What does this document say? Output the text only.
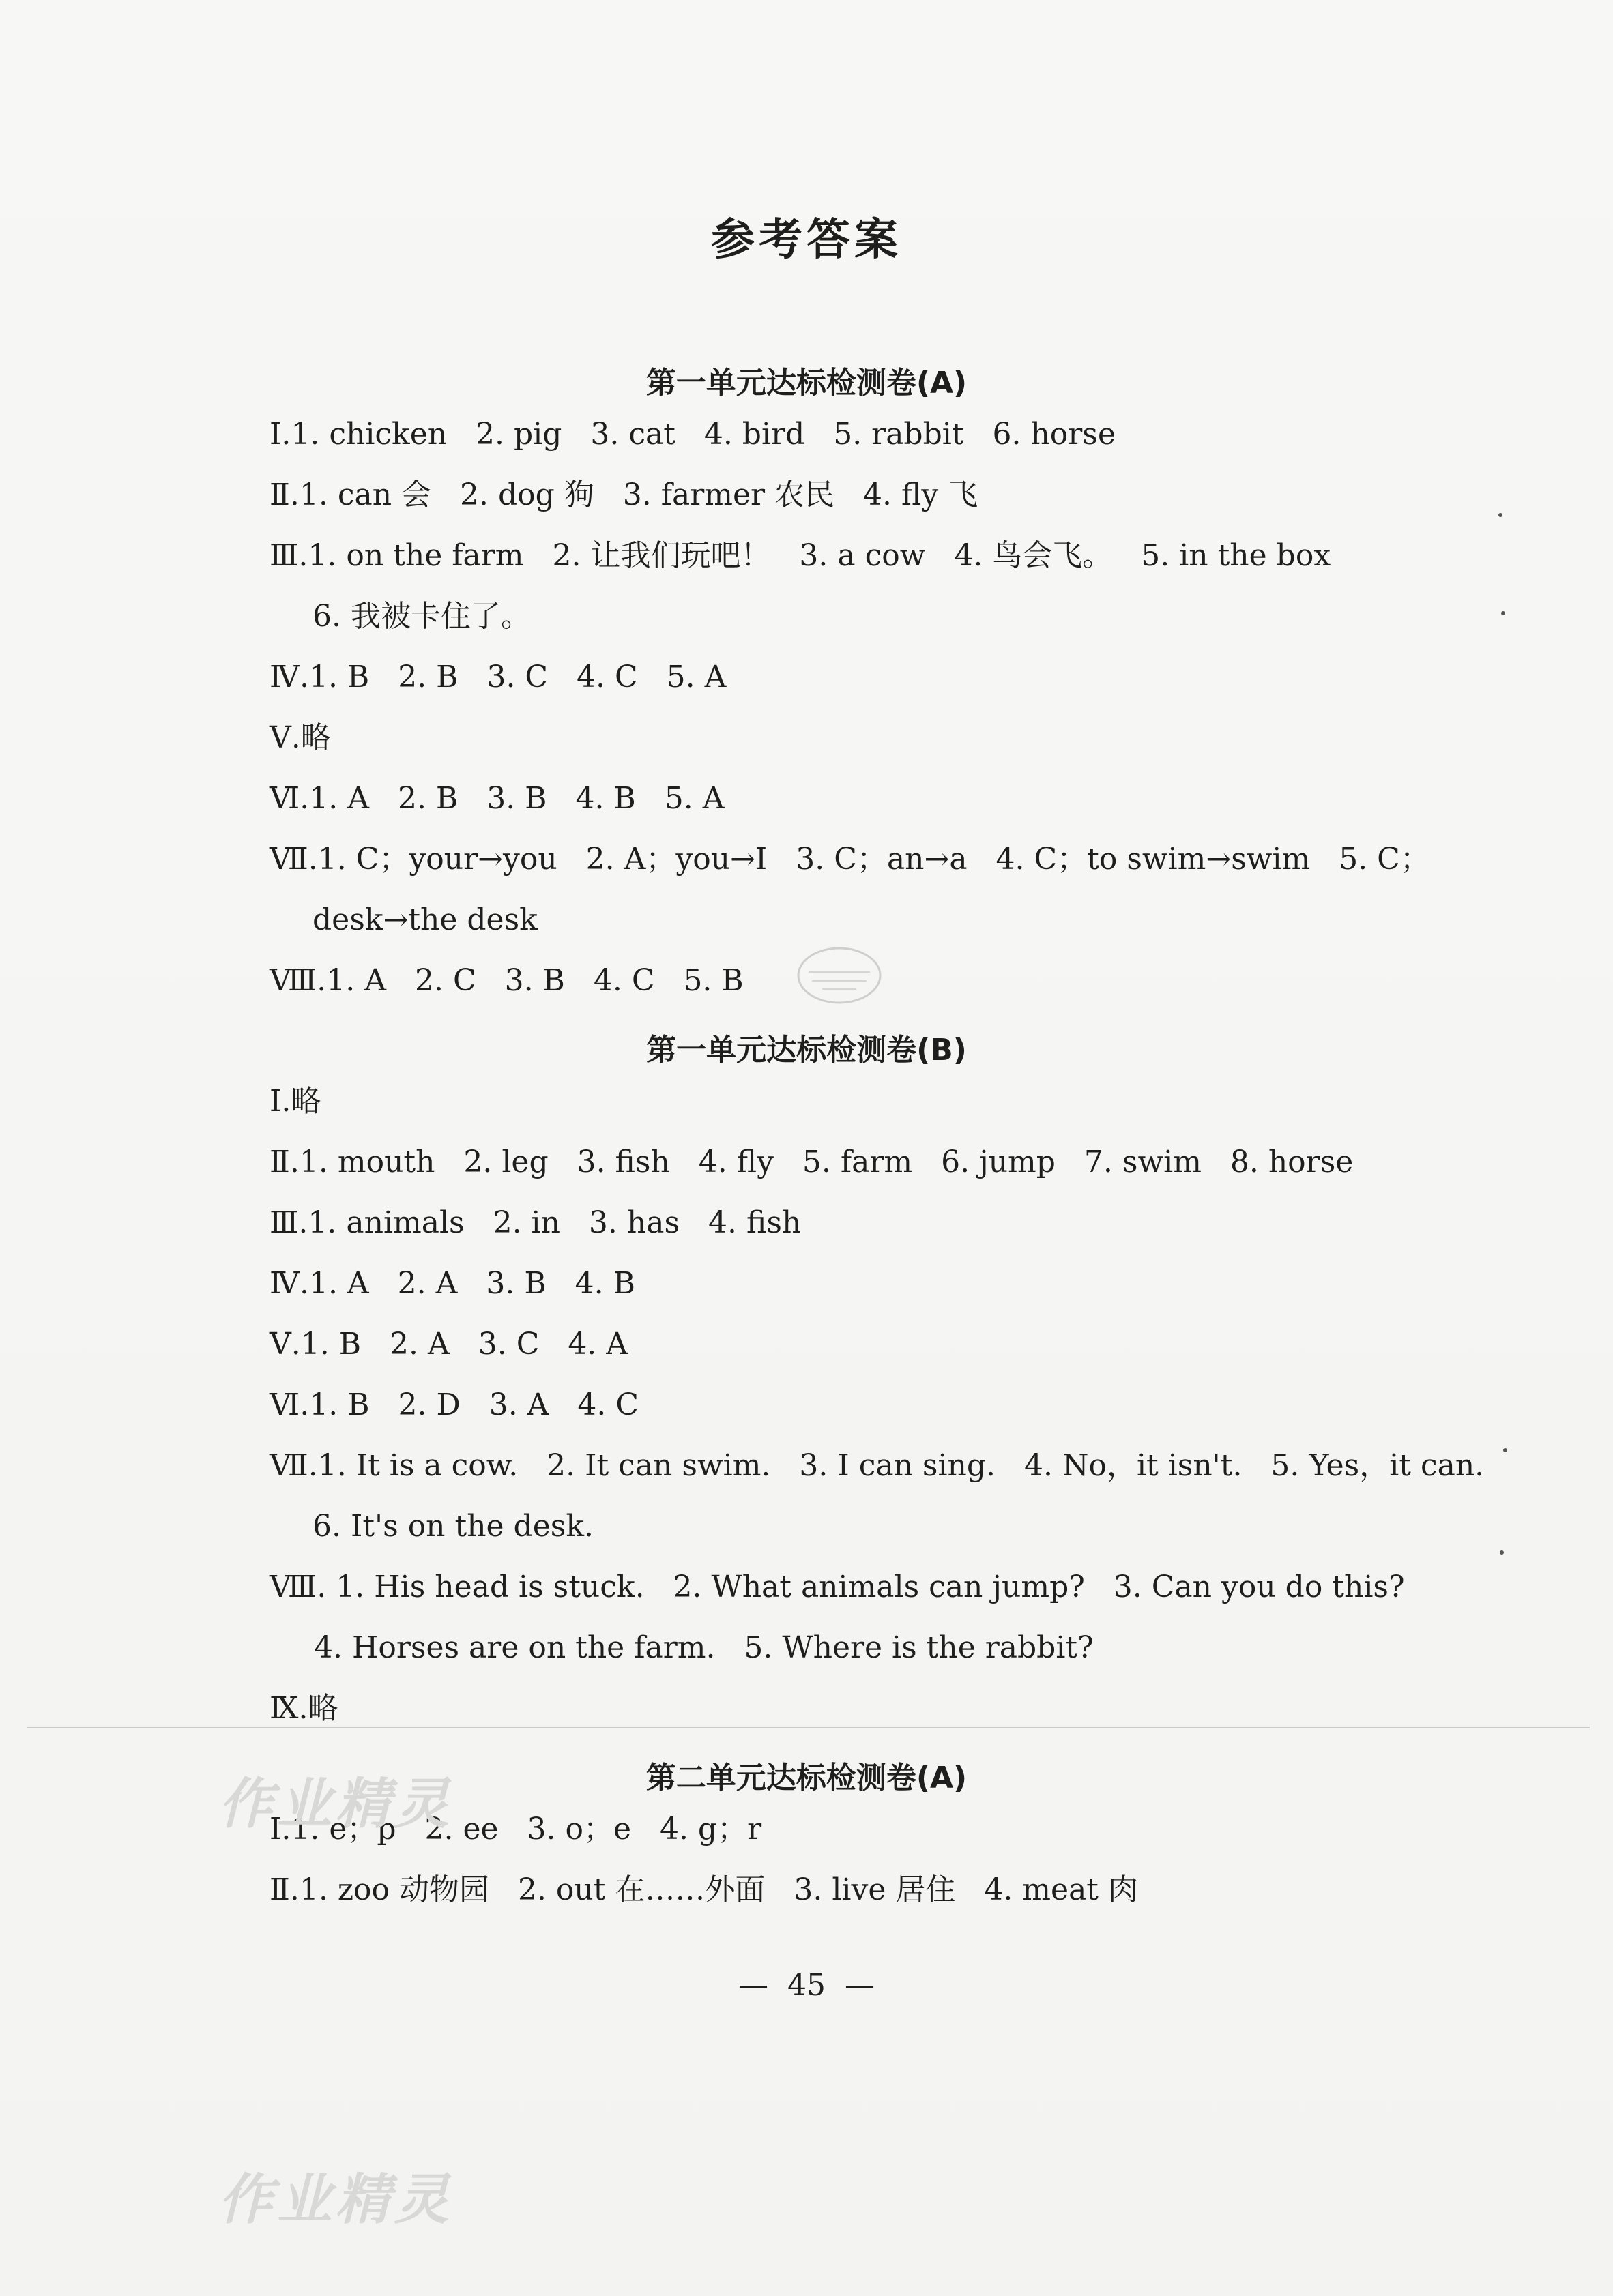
参考答案
第一单元达标检测卷(A)
Ⅰ.1. chicken   2. pig   3. cat   4. bird   5. rabbit   6. horse
Ⅱ.1. can 会   2. dog 狗   3. farmer 农民   4. fly 飞
Ⅲ.1. on the farm   2. 让我们玩吧！   3. a cow   4. 鸟会飞。   5. in the box
6. 我被卡住了。
Ⅳ.1. B   2. B   3. C   4. C   5. A
Ⅴ.略
Ⅵ.1. A   2. B   3. B   4. B   5. A
Ⅶ.1. C；your→you   2. A；you→I   3. C；an→a   4. C；to swim→swim   5. C；
desk→the desk
Ⅷ.1. A   2. C   3. B   4. C   5. B
第一单元达标检测卷(B)
Ⅰ.略
Ⅱ.1. mouth   2. leg   3. fish   4. fly   5. farm   6. jump   7. swim   8. horse
Ⅲ.1. animals   2. in   3. has   4. fish
Ⅳ.1. A   2. A   3. B   4. B
Ⅴ.1. B   2. A   3. C   4. A
Ⅵ.1. B   2. D   3. A   4. C
Ⅶ.1. It is a cow.   2. It can swim.   3. I can sing.   4. No，it isn't.   5. Yes，it can.
6. It's on the desk.
Ⅷ. 1. His head is stuck.   2. What animals can jump?   3. Can you do this?
4. Horses are on the farm.   5. Where is the rabbit?
Ⅸ.略
第二单元达标检测卷(A)
Ⅰ.1. e；p   2. ee   3. o；e   4. g；r
Ⅱ.1. zoo 动物园   2. out 在……外面   3. live 居住   4. meat 肉
—  45  —
作业精灵
作业精灵
